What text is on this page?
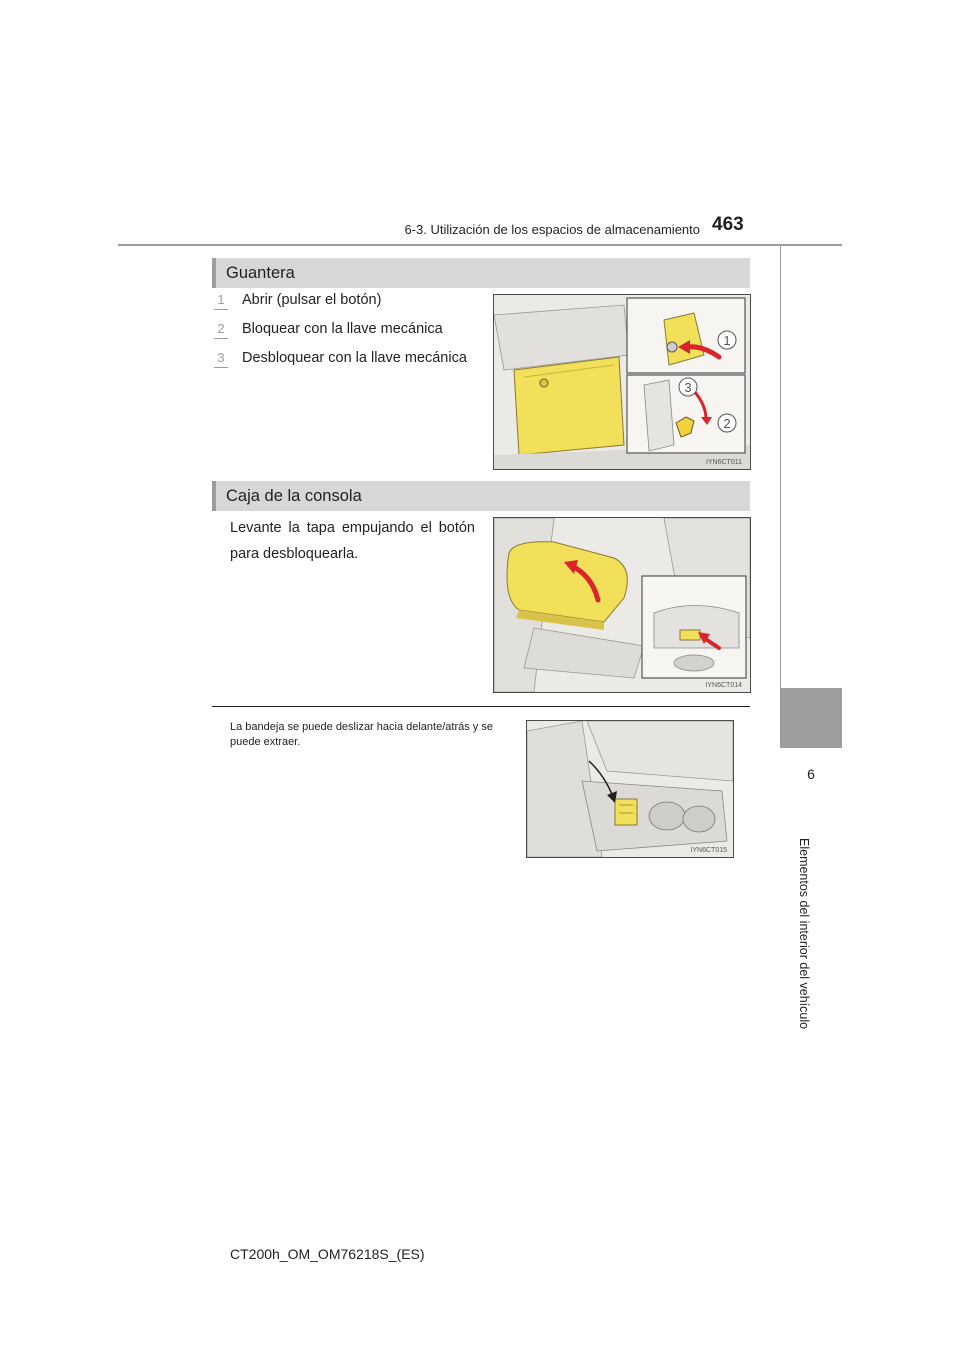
6-3. Utilización de los espacios de almacenamiento 463
6
Elementos del interior del vehículo
Guantera
1 Abrir (pulsar el botón)
2 Bloquear con la llave mecánica
3 Desbloquear con la llave mecánica
1
3
2
IYN6CT011
Caja de la consola
Levante la tapa empujando el botón para desbloquearla.
IYN6CT014
La bandeja se puede deslizar hacia delante/atrás y se puede extraer.
IYN6CT015
CT200h_OM_OM76218S_(ES)
